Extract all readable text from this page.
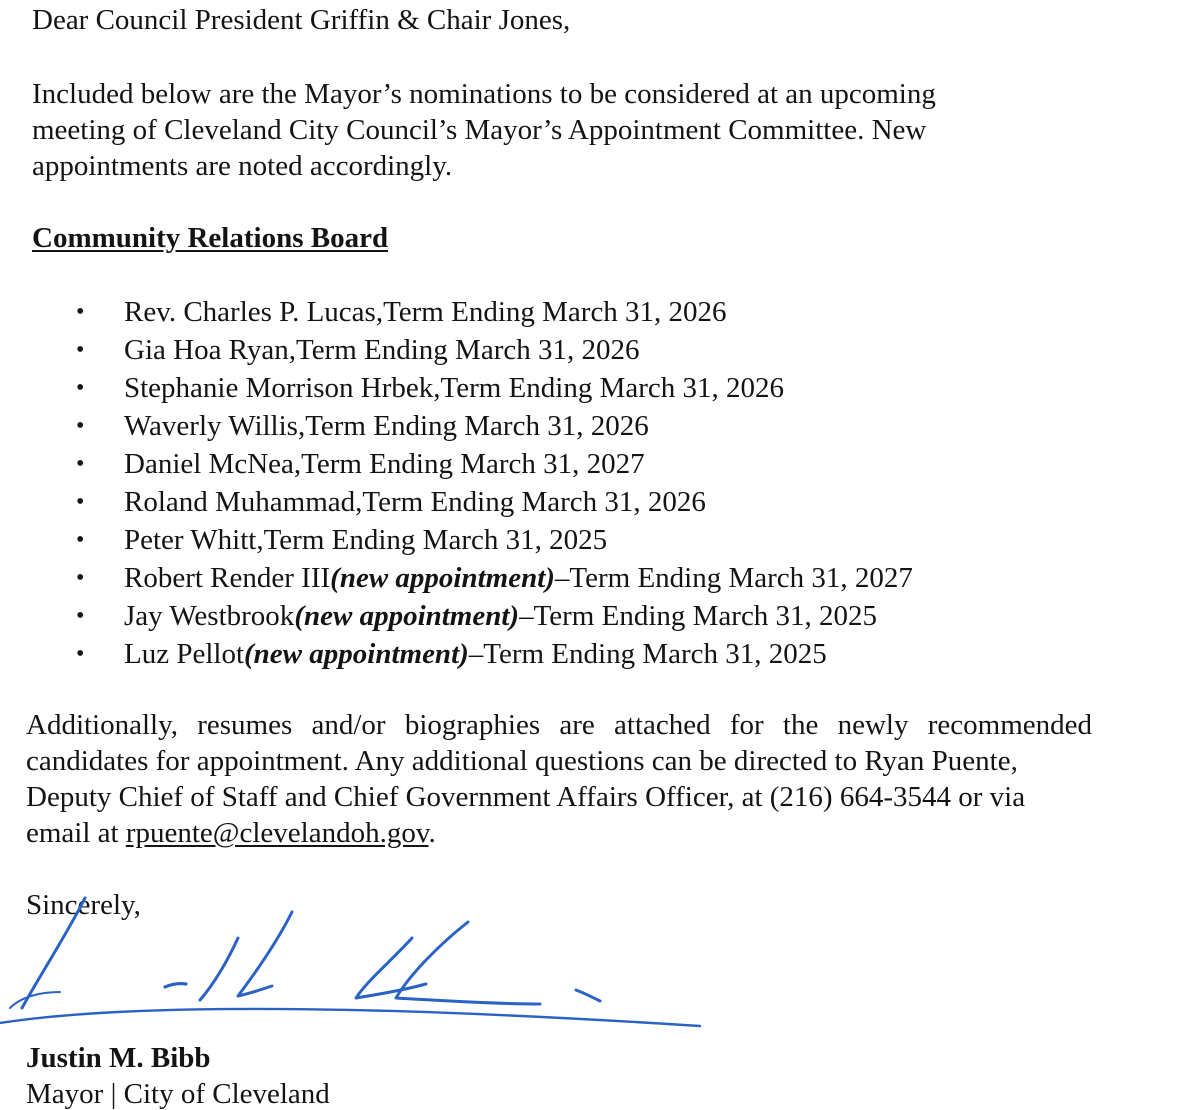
Dear Council President Griffin & Chair Jones,
Included below are the Mayor’s nominations to be considered at an upcoming
meeting of Cleveland City Council’s Mayor’s Appointment Committee. New
appointments are noted accordingly.
Community Relations Board
•	Rev. Charles P. Lucas , Term Ending March 31, 2026
•	Gia Hoa Ryan , Term Ending March 31, 2026
•	Stephanie Morrison Hrbek , Term Ending March 31, 2026
•	Waverly Willis , Term Ending March 31, 2026
•	Daniel McNea , Term Ending March 31, 2027
•	Roland Muhammad , Term Ending March 31, 2026
•	Peter Whitt , Term Ending March 31, 2025
•	Robert Render III (new appointment) – Term Ending March 31, 2027
•	Jay Westbrook (new appointment) – Term Ending March 31, 2025
•	Luz Pellot (new appointment) – Term Ending March 31, 2025
Additionally, resumes and/or biographies are attached for the newly recommended
candidates for appointment. Any additional questions can be directed to Ryan Puente,
Deputy Chief of Staff and Chief Government Affairs Officer, at (216) 664-3544 or via
email at rpuente@clevelandoh.gov.
Sincerely,
Justin M. Bibb
Mayor | City of Cleveland
